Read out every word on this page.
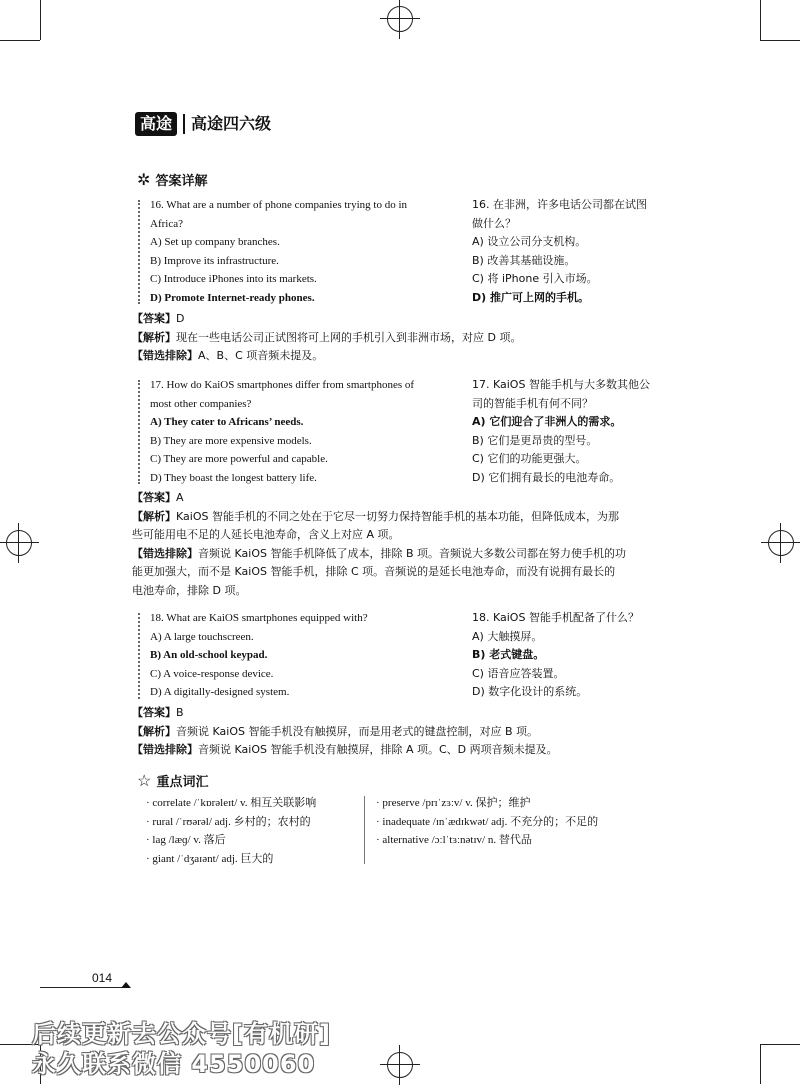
高途	高途四六级
✲ 答案详解
16. What are a number of phone companies trying to do in
Africa?
A) Set up company branches.
B) Improve its infrastructure.
C) Introduce iPhones into its markets.
D) Promote Internet-ready phones.
16. 在非洲，许多电话公司都在试图
做什么？
A) 设立公司分支机构。
B) 改善其基础设施。
C) 将 iPhone 引入市场。
D) 推广可上网的手机。
【答案】D
【解析】现在一些电话公司正试图将可上网的手机引入到非洲市场，对应 D 项。
【错选排除】A、B、C 项音频未提及。
17. How do KaiOS smartphones differ from smartphones of
most other companies?
A) They cater to Africans’ needs.
B) They are more expensive models.
C) They are more powerful and capable.
D) They boast the longest battery life.
17. KaiOS 智能手机与大多数其他公
司的智能手机有何不同？
A) 它们迎合了非洲人的需求。
B) 它们是更昂贵的型号。
C) 它们的功能更强大。
D) 它们拥有最长的电池寿命。
【答案】A
【解析】KaiOS 智能手机的不同之处在于它尽一切努力保持智能手机的基本功能，但降低成本，为那
些可能用电不足的人延长电池寿命，含义上对应 A 项。
【错选排除】音频说 KaiOS 智能手机降低了成本，排除 B 项。音频说大多数公司都在努力使手机的功
能更加强大，而不是 KaiOS 智能手机，排除 C 项。音频说的是延长电池寿命，而没有说拥有最长的
电池寿命，排除 D 项。
18. What are KaiOS smartphones equipped with?
A) A large touchscreen.
B) An old-school keypad.
C) A voice-response device.
D) A digitally-designed system.
18. KaiOS 智能手机配备了什么？
A) 大触摸屏。
B) 老式键盘。
C) 语音应答装置。
D) 数字化设计的系统。
【答案】B
【解析】音频说 KaiOS 智能手机没有触摸屏，而是用老式的键盘控制，对应 B 项。
【错选排除】音频说 KaiOS 智能手机没有触摸屏，排除 A 项。C、D 两项音频未提及。
☆ 重点词汇
· correlate /ˈkɒrəleɪt/ v. 相互关联影响
· rural /ˈrʊərəl/ adj. 乡村的；农村的
· lag /læɡ/ v. 落后
· giant /ˈdʒaɪənt/ adj. 巨大的
· preserve /prɪˈzɜːv/ v. 保护；维护
· inadequate /ɪnˈædɪkwət/ adj. 不充分的；不足的
· alternative /ɔːlˈtɜːnətɪv/ n. 替代品
014
后续更新去公众号[有机研]
永久联系微信 4550060
